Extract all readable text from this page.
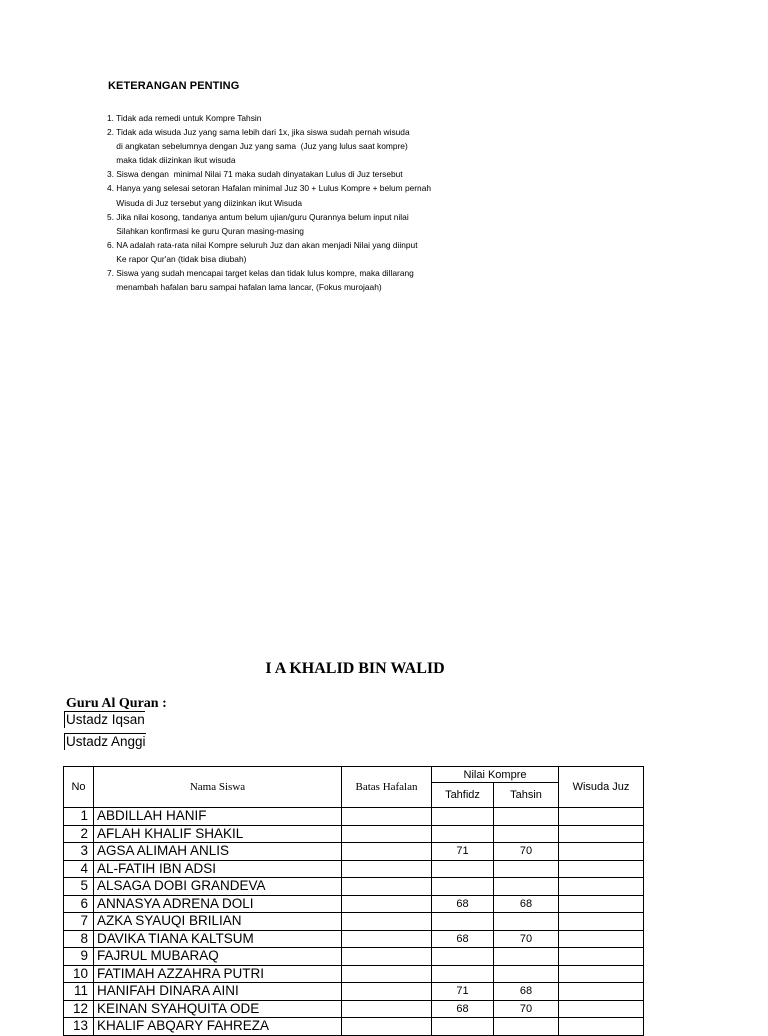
KETERANGAN PENTING
1. Tidak ada remedi untuk Kompre Tahsin
2. Tidak ada wisuda Juz yang sama lebih dari 1x, jika siswa sudah pernah wisuda
di angkatan sebelumnya dengan Juz yang sama  (Juz yang lulus saat kompre)
maka tidak diizinkan ikut wisuda
3. Siswa dengan  minimal Nilai 71 maka sudah dinyatakan Lulus di Juz tersebut
4. Hanya yang selesai setoran Hafalan minimal Juz 30 + Lulus Kompre + belum pernah
Wisuda di Juz tersebut yang diizinkan ikut Wisuda
5. Jika nilai kosong, tandanya antum belum ujian/guru Qurannya belum input nilai
Silahkan konfirmasi ke guru Quran masing-masing
6. NA adalah rata-rata nilai Kompre seluruh Juz dan akan menjadi Nilai yang diinput
Ke rapor Qur'an (tidak bisa diubah)
7. Siswa yang sudah mencapai target kelas dan tidak lulus kompre, maka dillarang
menambah hafalan baru sampai hafalan lama lancar, (Fokus murojaah)
I A KHALID BIN WALID
Guru Al Quran :
Ustadz Iqsan
Ustadz Anggi
No	Nama Siswa	Batas Hafalan	Nilai Kompre		Wisuda Juz
			Tahfidz	Tahsin	
1	ABDILLAH HANIF				
2	AFLAH KHALIF SHAKIL				
3	AGSA ALIMAH ANLIS		71	70	
4	AL-FATIH IBN ADSI				
5	ALSAGA DOBI GRANDEVA				
6	ANNASYA ADRENA DOLI		68	68	
7	AZKA SYAUQI BRILIAN				
8	DAVIKA TIANA KALTSUM		68	70	
9	FAJRUL MUBARAQ				
10	FATIMAH AZZAHRA PUTRI				
11	HANIFAH DINARA AINI		71	68	
12	KEINAN SYAHQUITA ODE		68	70	
13	KHALIF ABQARY FAHREZA				
